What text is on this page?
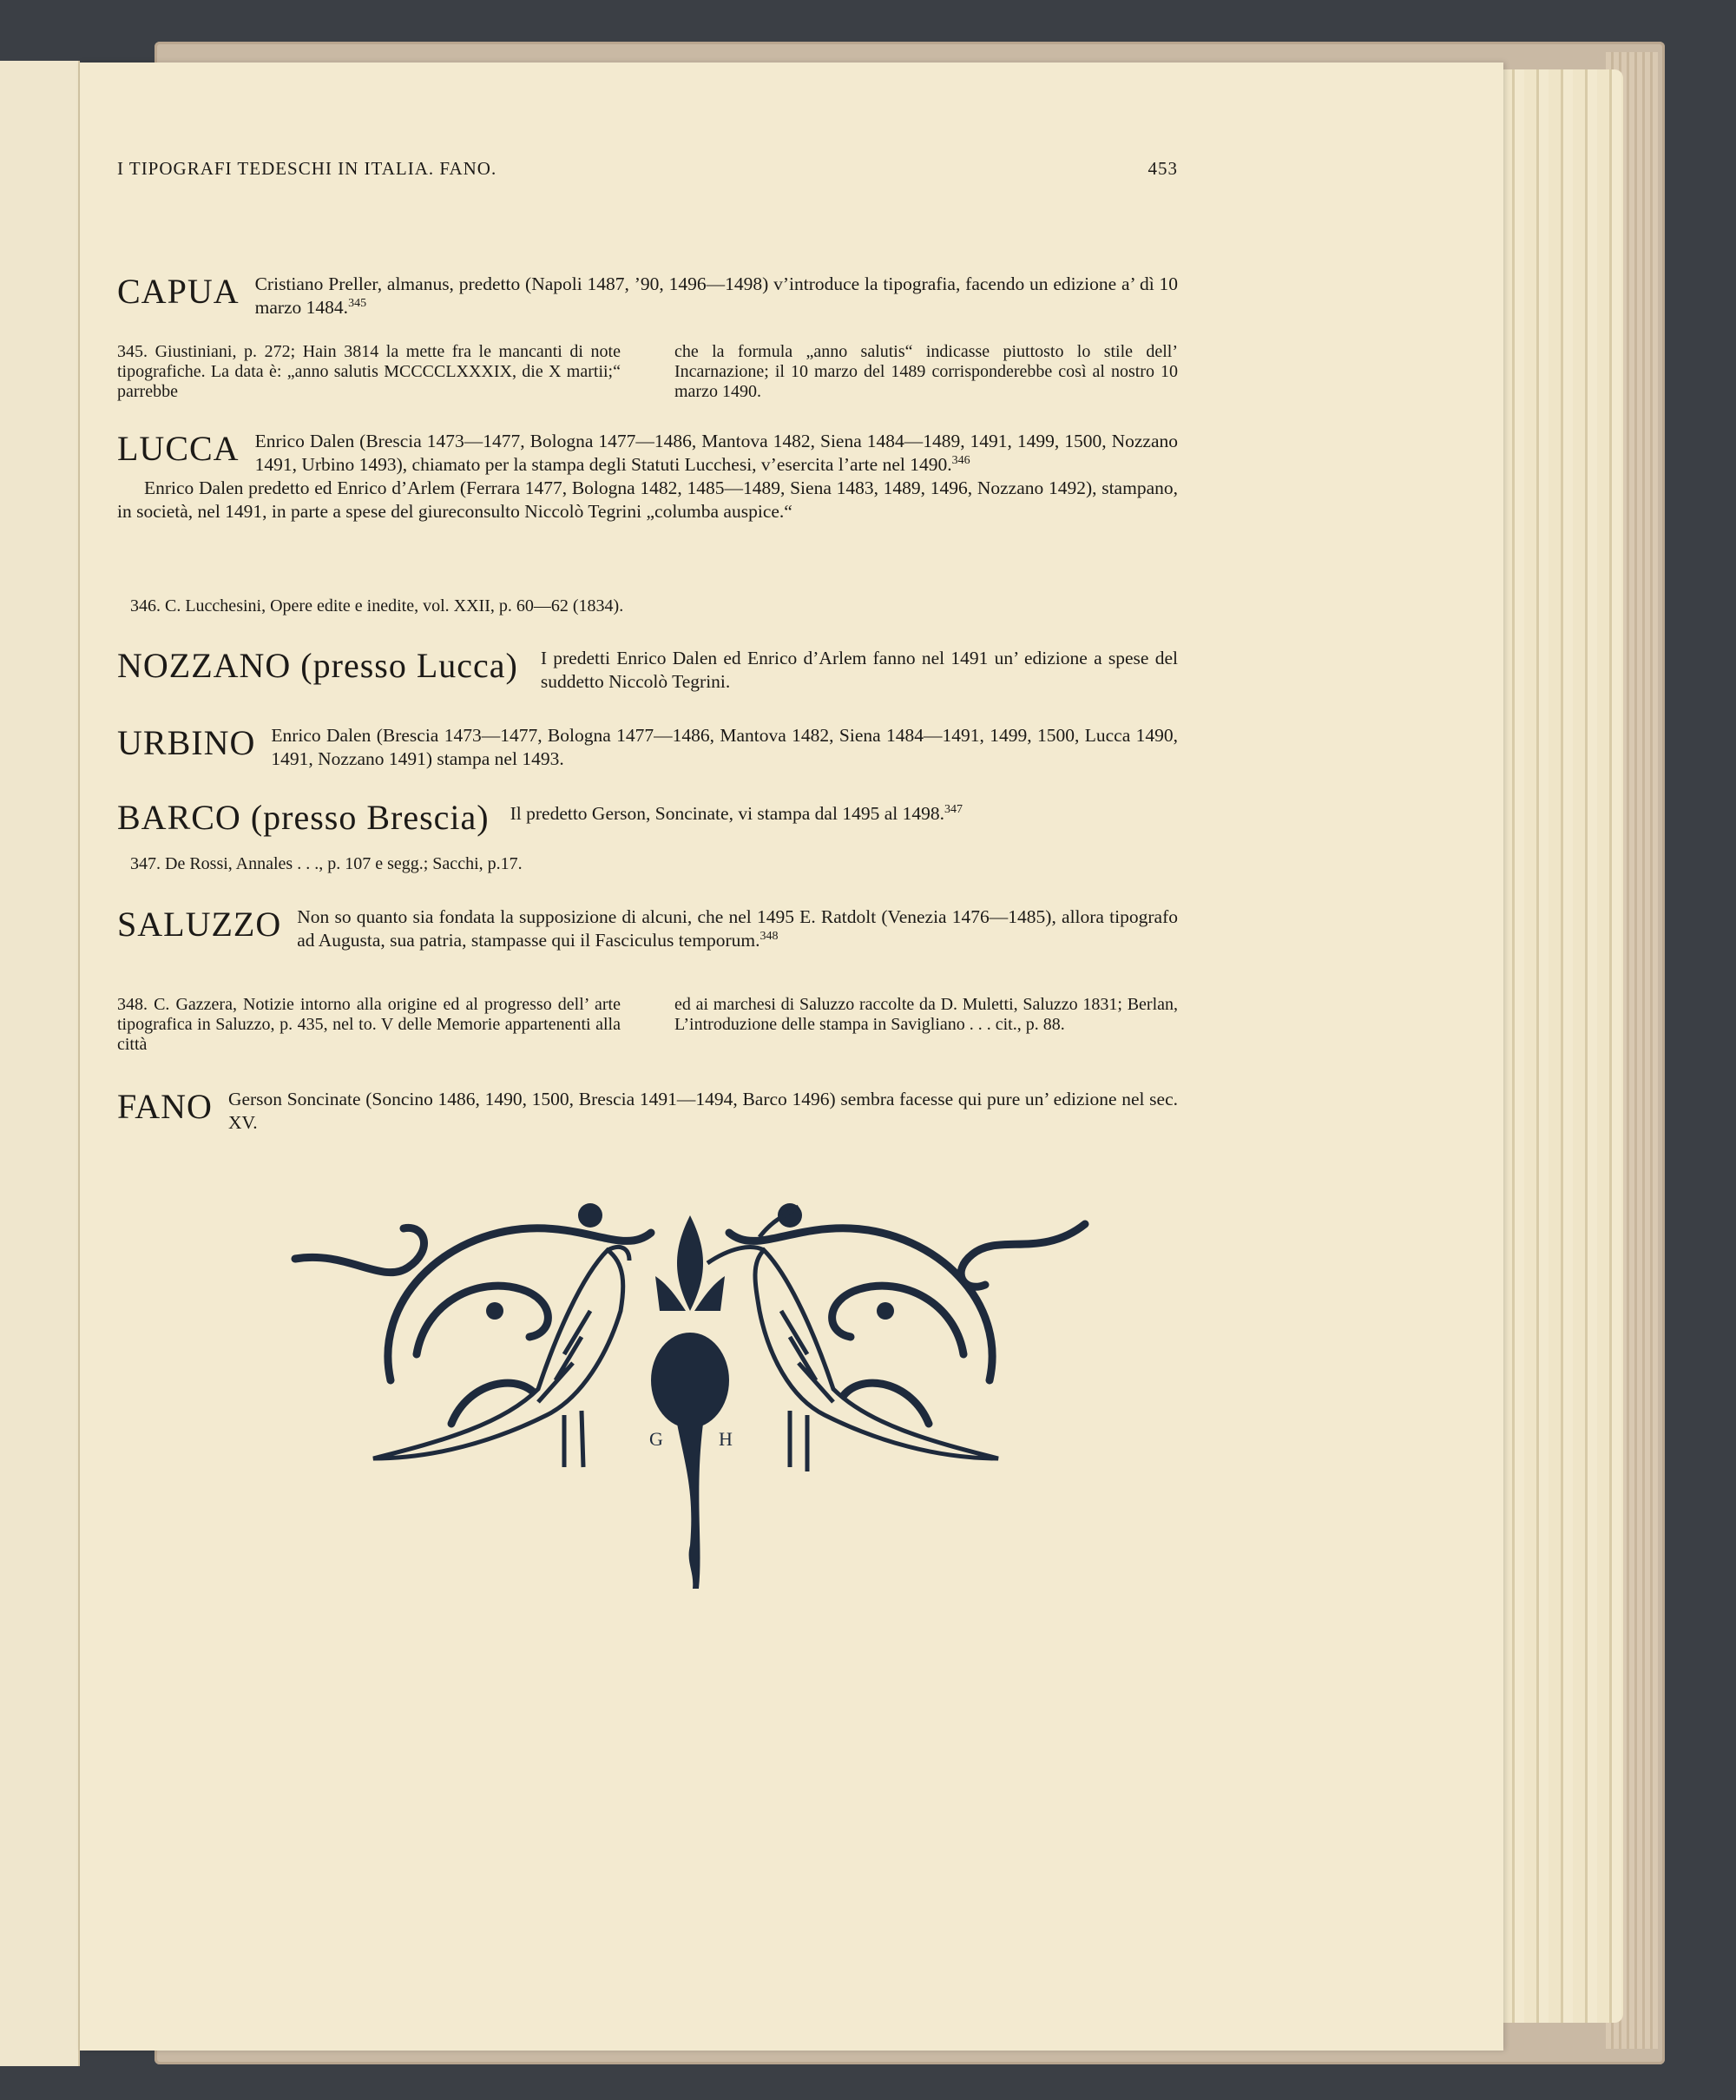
I TIPOGRAFI TEDESCHI IN ITALIA. FANO.	453
CAPUA Cristiano Preller, almanus, predetto (Napoli 1487, ’90, 1496—1498) v’introduce la tipografia, facendo un edizione a’ dì 10 marzo 1484.$^{345}$
345. Giustiniani, p. 272; Hain 3814 la mette fra le mancanti di note tipografiche. La data è: „anno salutis MCCCCLXXXIX, die X martii;“ parrebbe
che la formula „anno salutis“ indicasse piuttosto lo stile dell’ Incarnazione; il 10 marzo del 1489 corrisponderebbe così al nostro 10 marzo 1490.
LUCCA Enrico Dalen (Brescia 1473—1477, Bologna 1477—1486, Mantova 1482, Siena 1484—1489, 1491, 1499, 1500, Nozzano 1491, Urbino 1493), chiamato per la stampa degli Statuti Lucchesi, v’esercita l’arte nel 1490.$^{346}$
Enrico Dalen predetto ed Enrico d’Arlem (Ferrara 1477, Bologna 1482, 1485—1489, Siena 1483, 1489, 1496, Nozzano 1492), stampano, in società, nel 1491, in parte a spese del giureconsulto Niccolò Tegrini „columba auspice.“
346. C. Lucchesini, Opere edite e inedite, vol. XXII, p. 60—62 (1834).
NOZZANO (presso Lucca)	I predetti Enrico Dalen ed Enrico d’Arlem fanno nel 1491 un’ edizione a spese del suddetto Niccolò Tegrini.
URBINO Enrico Dalen (Brescia 1473—1477, Bologna 1477—1486, Mantova 1482, Siena 1484—1491, 1499, 1500, Lucca 1490, 1491, Nozzano 1491) stampa nel 1493.
BARCO (presso Brescia)	Il predetto Gerson, Soncinate, vi stampa dal 1495 al 1498.$^{347}$
347. De Rossi, Annales . . ., p. 107 e segg.; Sacchi, p.17.
SALUZZO Non so quanto sia fondata la supposizione di alcuni, che nel 1495 E. Ratdolt (Venezia 1476—1485), allora tipografo ad Augusta, sua patria, stampasse qui il Fasciculus temporum.$^{348}$
348. C. Gazzera, Notizie intorno alla origine ed al progresso dell’ arte tipografica in Saluzzo, p. 435, nel to. V delle Memorie appartenenti alla città
ed ai marchesi di Saluzzo raccolte da D. Muletti, Saluzzo 1831; Berlan, L’introduzione delle stampa in Savigliano . . . cit., p. 88.
FANO Gerson Soncinate (Soncino 1486, 1490, 1500, Brescia 1491—1494, Barco 1496) sembra facesse qui pure un’ edizione nel sec. XV.
G	H
